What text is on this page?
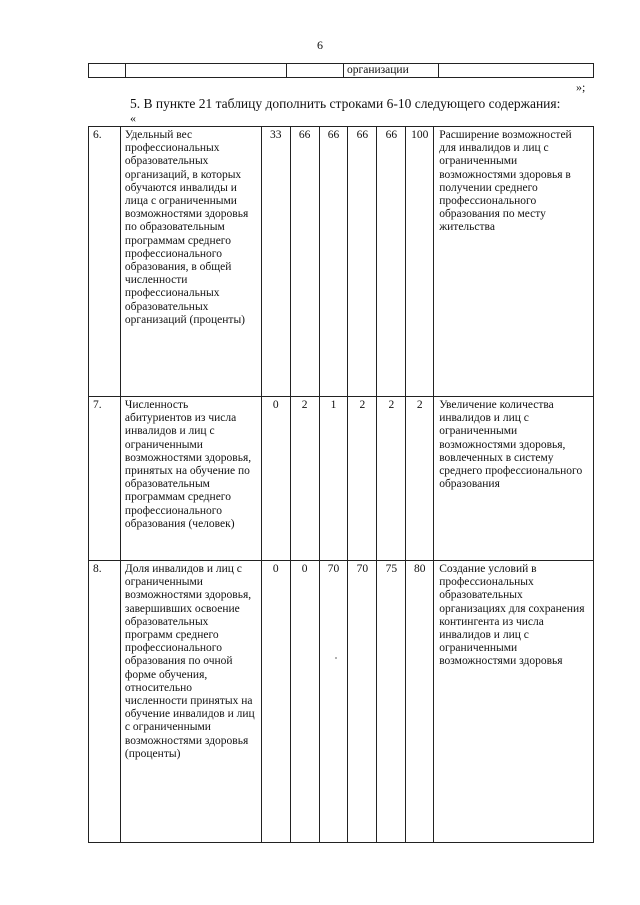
6
			организации	
»;
5. В пункте 21 таблицу дополнить строками 6-10 следующего содержания:
«
6.	Удельный вес профессиональных образовательных организаций, в которых обучаются инвалиды и лица с ограниченными возможностями здоровья по образовательным программам среднего профессионального образования, в общей численности профессиональных образовательных организаций (проценты)	33	66	66	66	66	100	Расширение возможностей для инвалидов и лиц с ограниченными возможностями здоровья в получении среднего профессионального образования по месту жительства
7.	Численность абитуриентов из числа инвалидов и лиц с ограниченными возможностями здоровья, принятых на обучение по образовательным программам среднего профессионального образования (человек)	0	2	1	2	2	2	Увеличение количества инвалидов и лиц с ограниченными возможностями здоровья, вовлеченных в систему среднего профессионального образования
8.	Доля инвалидов и лиц с ограниченными возможностями здоровья, завершивших освоение образовательных программ среднего профессионального образования по очной форме обучения, относительно численности принятых на обучение инвалидов и лиц с ограниченными возможностями здоровья (проценты)	0	0	70	70	75	80	Создание условий в профессиональных образовательных организациях для сохранения контингента из числа инвалидов и лиц с ограниченными возможностями здоровья
